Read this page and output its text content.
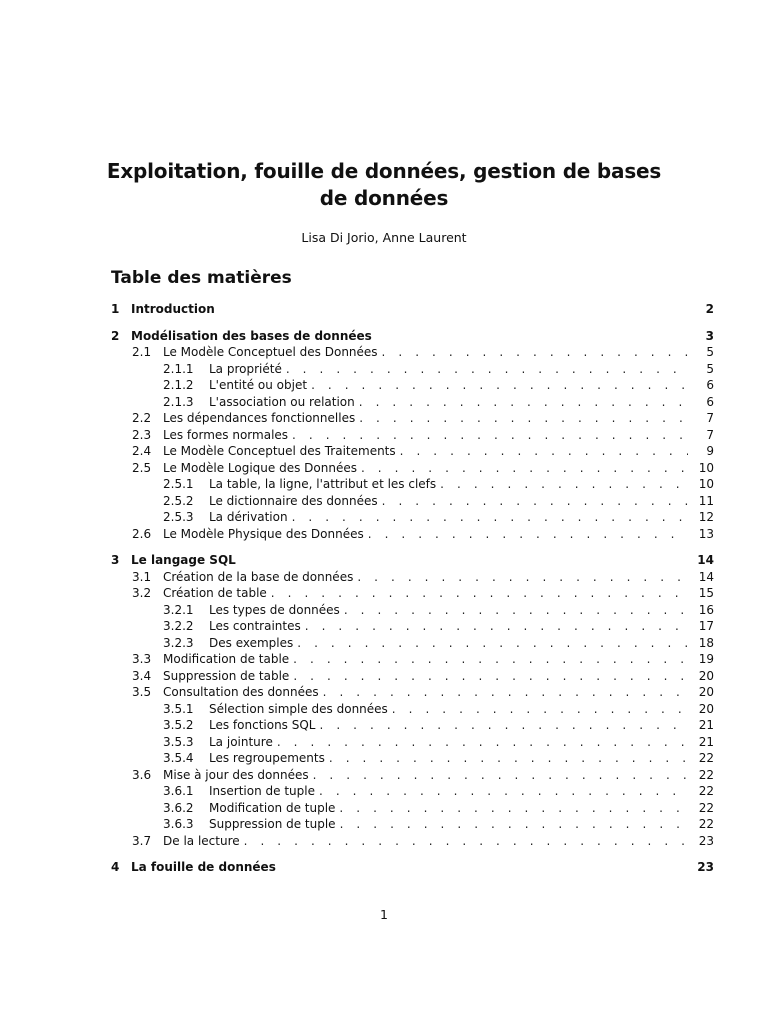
Exploitation, fouille de données, gestion de bases de données
Lisa Di Jorio, Anne Laurent
Table des matières
1 Introduction	2
2 Modélisation des bases de données	3
2.1 Le Modèle Conceptuel des Données . . .	5
2.1.1	La propriété . . .	5
2.1.2	L'entité ou objet . . .	6
2.1.3	L'association ou relation . . .	6
2.2 Les dépendances fonctionnelles . . .	7
2.3 Les formes normales . . .	7
2.4 Le Modèle Conceptuel des Traitements . . .	9
2.5 Le Modèle Logique des Données . . .	10
2.5.1	La table, la ligne, l'attribut et les clefs . . .	10
2.5.2	Le dictionnaire des données . . .	11
2.5.3	La dérivation . . .	12
2.6 Le Modèle Physique des Données . . .	13
3 Le langage SQL	14
3.1 Création de la base de données . . .	14
3.2 Création de table . . .	15
3.2.1	Les types de données . . .	16
3.2.2	Les contraintes . . .	17
3.2.3	Des exemples . . .	18
3.3 Modification de table . . .	19
3.4 Suppression de table . . .	20
3.5 Consultation des données . . .	20
3.5.1	Sélection simple des données . . .	20
3.5.2	Les fonctions SQL . . .	21
3.5.3	La jointure . . .	21
3.5.4	Les regroupements . . .	22
3.6 Mise à jour des données . . .	22
3.6.1	Insertion de tuple . . .	22
3.6.2	Modification de tuple . . .	22
3.6.3	Suppression de tuple . . .	22
3.7 De la lecture . . .	23
4 La fouille de données	23
1
